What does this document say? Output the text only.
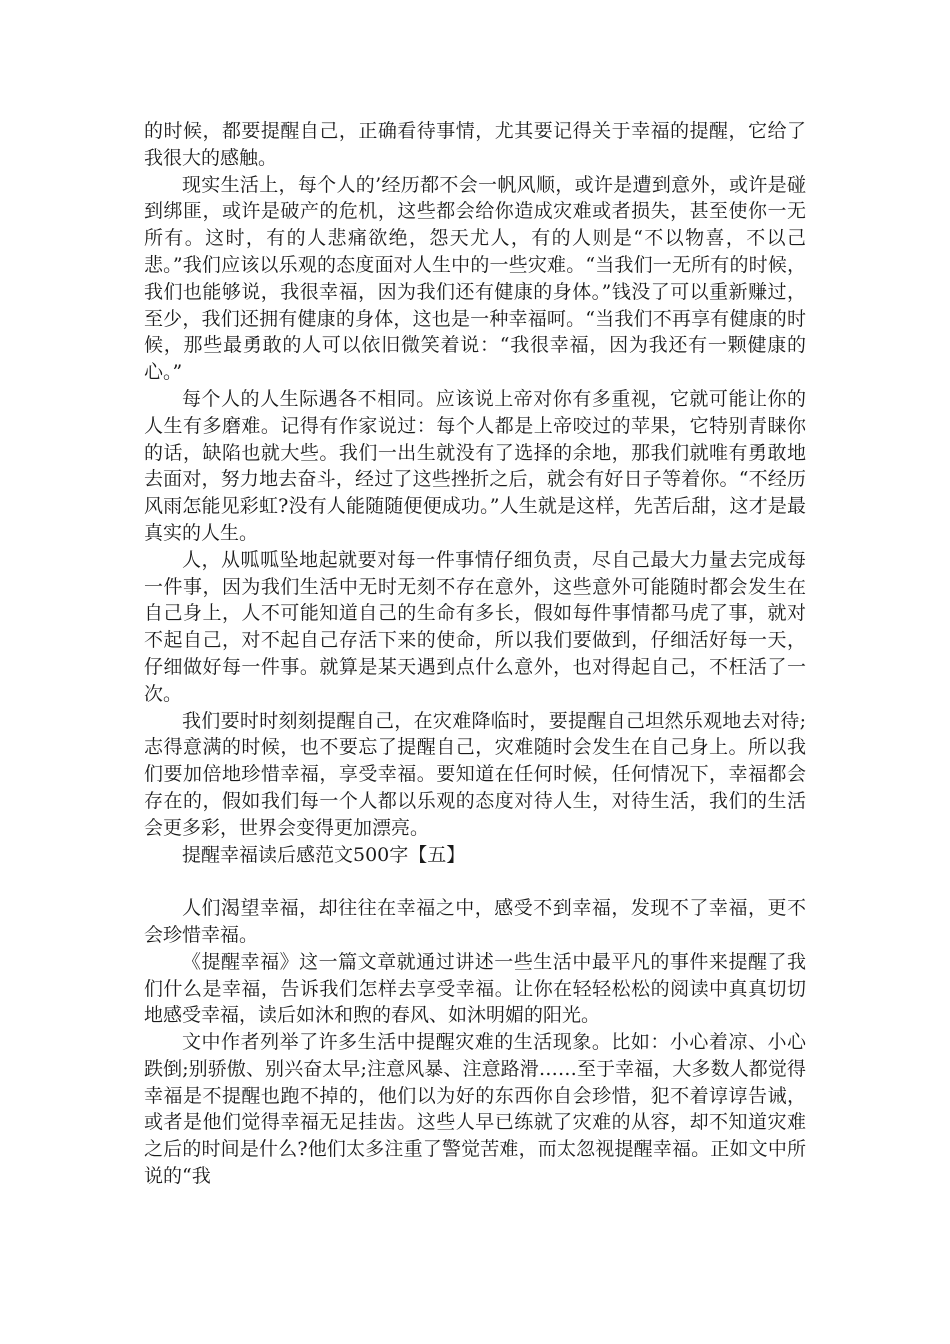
的时候，都要提醒自己，正确看待事情，尤其要记得关于幸福的提醒，它给了我很大的感触。

现实生活上，每个人的’经历都不会一帆风顺，或许是遭到意外，或许是碰到绑匪，或许是破产的危机，这些都会给你造成灾难或者损失，甚至使你一无所有。这时，有的人悲痛欲绝，怨天尤人，有的人则是“不以物喜，不以己悲。”我们应该以乐观的态度面对人生中的一些灾难。“当我们一无所有的时候，我们也能够说，我很幸福，因为我们还有健康的身体。”钱没了可以重新赚过，至少，我们还拥有健康的身体，这也是一种幸福呵。“当我们不再享有健康的时候，那些最勇敢的人可以依旧微笑着说：“我很幸福，因为我还有一颗健康的心。”

每个人的人生际遇各不相同。应该说上帝对你有多重视，它就可能让你的人生有多磨难。记得有作家说过：每个人都是上帝咬过的苹果，它特别青睐你的话，缺陷也就大些。我们一出生就没有了选择的余地，那我们就唯有勇敢地去面对，努力地去奋斗，经过了这些挫折之后，就会有好日子等着你。“不经历风雨怎能见彩虹?没有人能随随便便成功。”人生就是这样，先苦后甜，这才是最真实的人生。

人，从呱呱坠地起就要对每一件事情仔细负责，尽自己最大力量去完成每一件事，因为我们生活中无时无刻不存在意外，这些意外可能随时都会发生在自己身上，人不可能知道自己的生命有多长，假如每件事情都马虎了事，就对不起自己，对不起自己存活下来的使命，所以我们要做到，仔细活好每一天，仔细做好每一件事。就算是某天遇到点什么意外，也对得起自己，不枉活了一次。

我们要时时刻刻提醒自己，在灾难降临时，要提醒自己坦然乐观地去对待;志得意满的时候，也不要忘了提醒自己，灾难随时会发生在自己身上。所以我们要加倍地珍惜幸福，享受幸福。要知道在任何时候，任何情况下，幸福都会存在的，假如我们每一个人都以乐观的态度对待人生，对待生活，我们的生活会更多彩，世界会变得更加漂亮。

提醒幸福读后感范文500字【五】

人们渴望幸福，却往往在幸福之中，感受不到幸福，发现不了幸福，更不会珍惜幸福。

《提醒幸福》这一篇文章就通过讲述一些生活中最平凡的事件来提醒了我们什么是幸福，告诉我们怎样去享受幸福。让你在轻轻松松的阅读中真真切切地感受幸福，读后如沐和煦的春风、如沐明媚的阳光。

文中作者列举了许多生活中提醒灾难的生活现象。比如：小心着凉、小心跌倒;别骄傲、别兴奋太早;注意风暴、注意路滑……至于幸福，大多数人都觉得幸福是不提醒也跑不掉的，他们以为好的东西你自会珍惜，犯不着谆谆告诫，或者是他们觉得幸福无足挂齿。这些人早已练就了灾难的从容，却不知道灾难之后的时间是什么?他们太多注重了警觉苦难，而太忽视提醒幸福。正如文中所说的“我
